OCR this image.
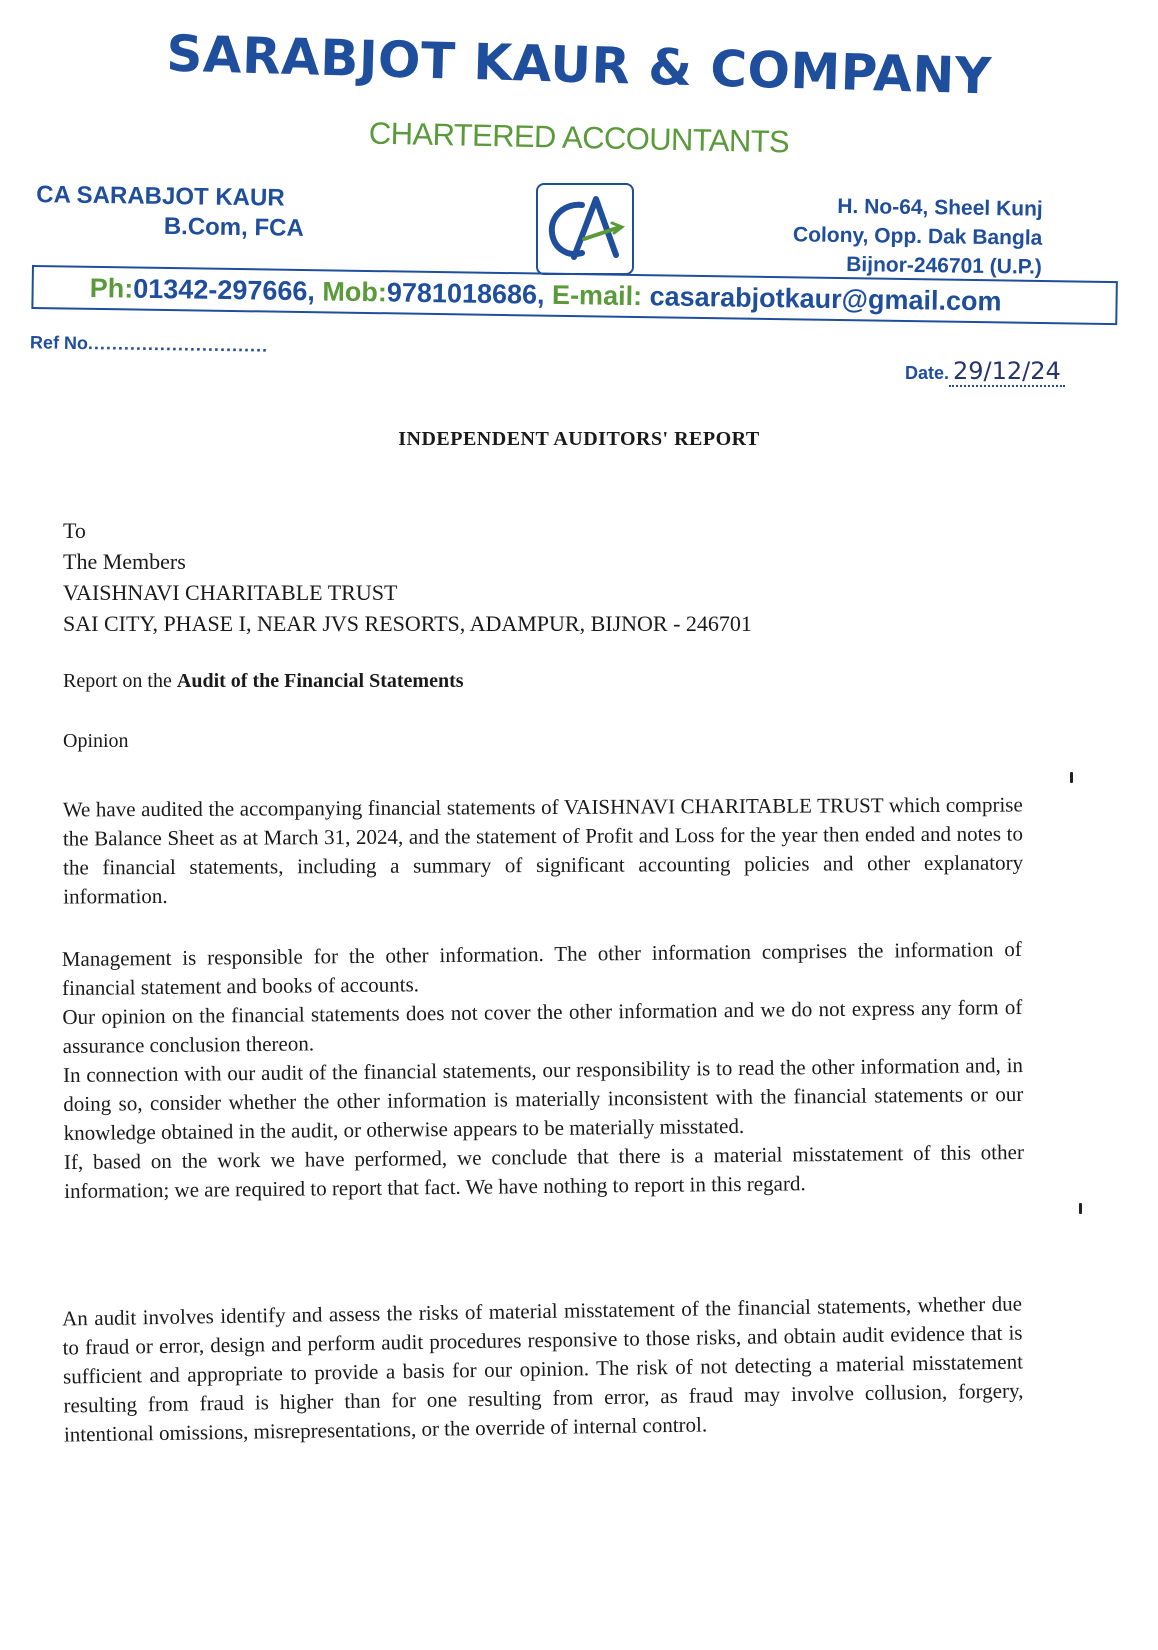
SARABJOT KAUR & COMPANY
CHARTERED ACCOUNTANTS
CA SARABJOT KAUR
B.Com, FCA
H. No-64, Sheel Kunj
Colony, Opp. Dak Bangla
Bijnor-246701 (U.P.)
Ph:01342-297666, Mob:9781018686, E-mail: casarabjotkaur@gmail.com
Ref No..............................
Date. 29/12/24
INDEPENDENT AUDITORS' REPORT
To
The Members
VAISHNAVI CHARITABLE TRUST
SAI CITY, PHASE I, NEAR JVS RESORTS, ADAMPUR, BIJNOR - 246701
Report on the Audit of the Financial Statements
Opinion

We have audited the accompanying financial statements of VAISHNAVI CHARITABLE TRUST which comprise the Balance Sheet as at March 31, 2024, and the statement of Profit and Loss for the year then ended and notes to the financial statements, including a summary of significant accounting policies and other explanatory information.

Management is responsible for the other information. The other information comprises the information of financial statement and books of accounts.

Our opinion on the financial statements does not cover the other information and we do not express any form of assurance conclusion thereon.

In connection with our audit of the financial statements, our responsibility is to read the other information and, in doing so, consider whether the other information is materially inconsistent with the financial statements or our knowledge obtained in the audit, or otherwise appears to be materially misstated.

If, based on the work we have performed, we conclude that there is a material misstatement of this other information; we are required to report that fact. We have nothing to report in this regard.

An audit involves identify and assess the risks of material misstatement of the financial statements, whether due to fraud or error, design and perform audit procedures responsive to those risks, and obtain audit evidence that is sufficient and appropriate to provide a basis for our opinion. The risk of not detecting a material misstatement resulting from fraud is higher than for one resulting from error, as fraud may involve collusion, forgery, intentional omissions, misrepresentations, or the override of internal control.
